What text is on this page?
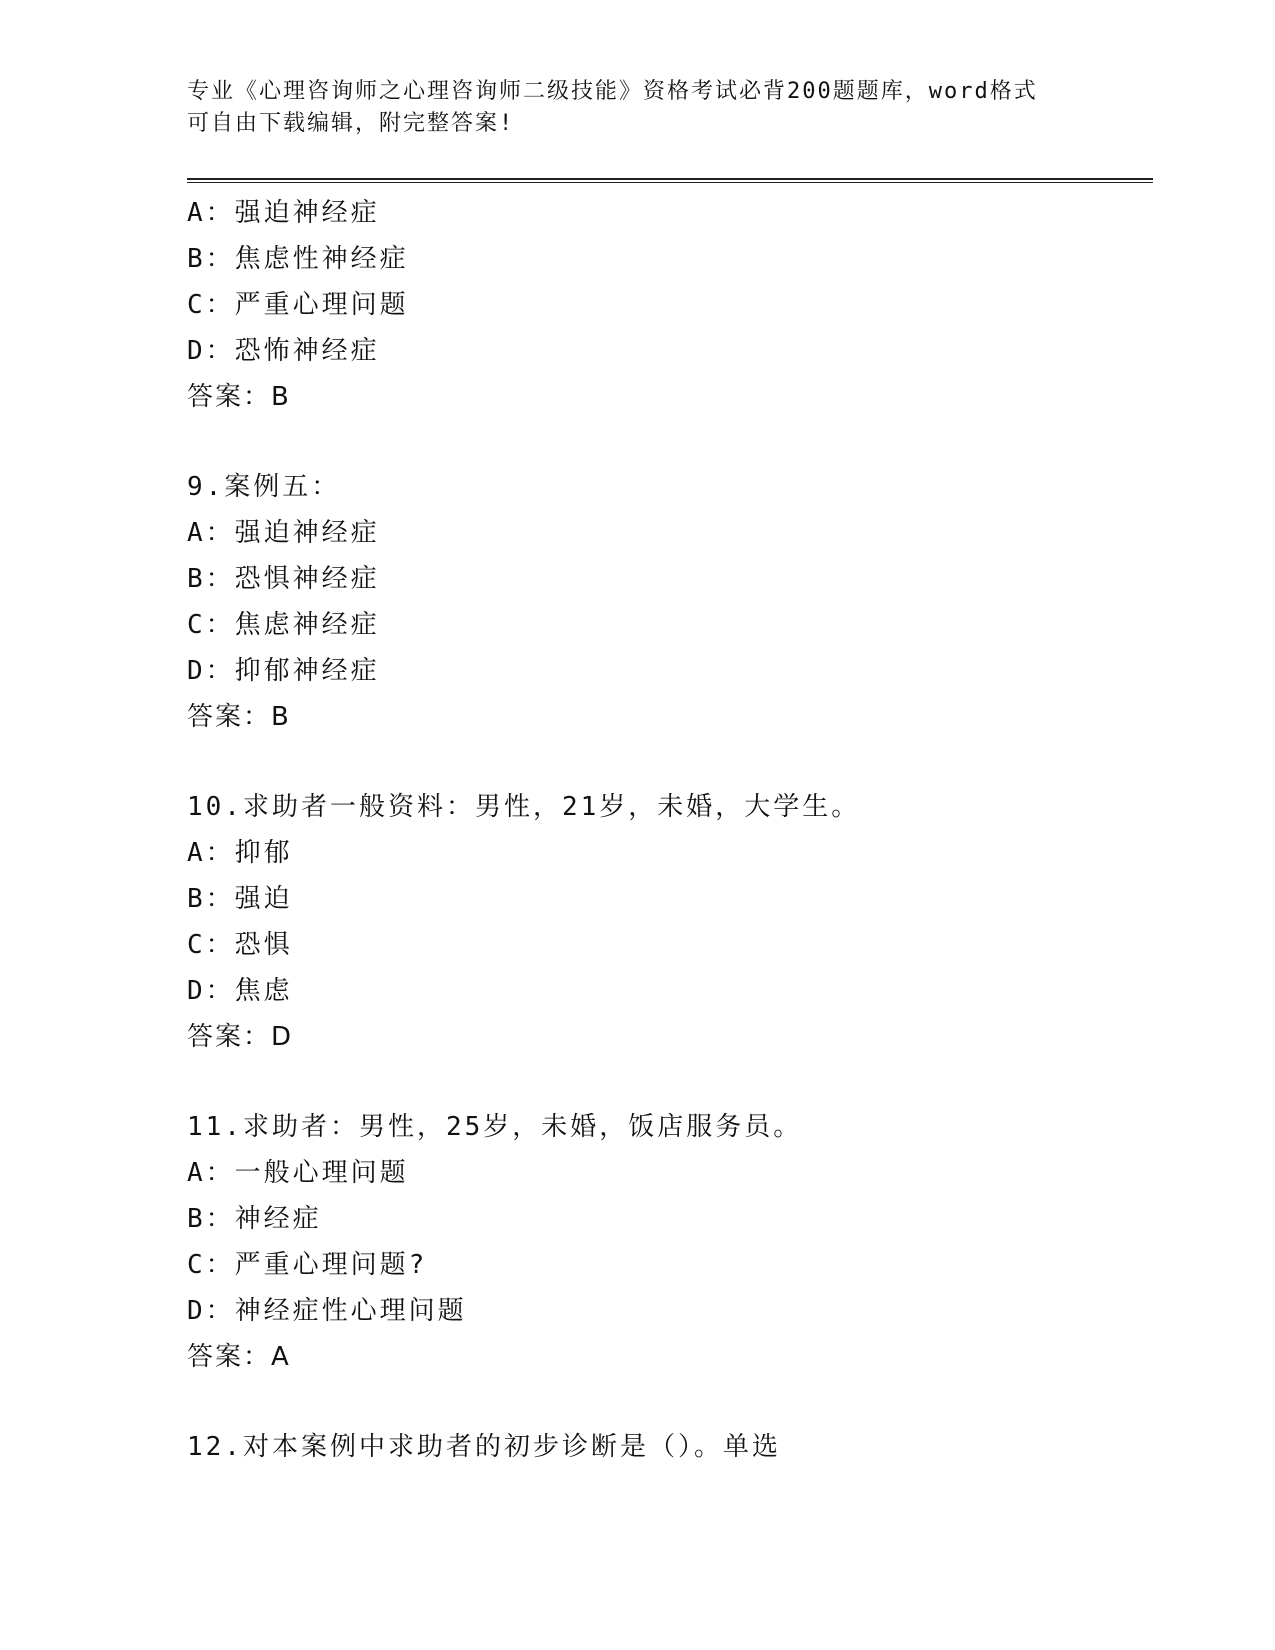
专业《心理咨询师之心理咨询师二级技能》资格考试必背200题题库，word格式
可自由下载编辑，附完整答案!
A：强迫神经症
B：焦虑性神经症
C：严重心理问题
D：恐怖神经症
答案：B
9.案例五：
A：强迫神经症
B：恐惧神经症
C：焦虑神经症
D：抑郁神经症
答案：B
10.求助者一般资料：男性，21岁，未婚，大学生。
A：抑郁
B：强迫
C：恐惧
D：焦虑
答案：D
11.求助者：男性，25岁，未婚，饭店服务员。
A：一般心理问题
B：神经症
C：严重心理问题?
D：神经症性心理问题
答案：A
12.对本案例中求助者的初步诊断是（）。单选
